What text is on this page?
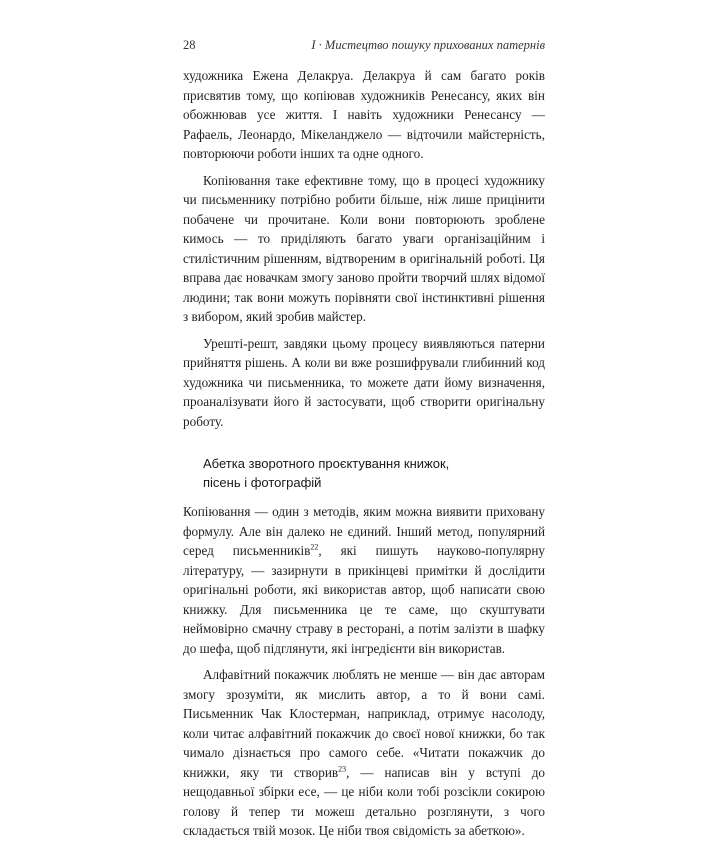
28	I · Мистецтво пошуку прихованих патернів

художника Ежена Делакруа. Делакруа й сам багато років присвятив тому, що копіював художників Ренесансу, яких він обожнював усе життя. І навіть художники Ренесансу — Рафаель, Леонардо, Мікеланджело — відточили майстерність, повторюючи роботи інших та одне одного.

Копіювання таке ефективне тому, що в процесі художнику чи письменнику потрібно робити більше, ніж лише прицінити побачене чи прочитане. Коли вони повторюють зроблене кимось — то приділяють багато уваги організаційним і стилістичним рішенням, відтвореним в оригінальній роботі. Ця вправа дає новачкам змогу заново пройти творчий шлях відомої людини; так вони можуть порівняти свої інстинктивні рішення з вибором, який зробив майстер.

Урешті-решт, завдяки цьому процесу виявляються патерни прийняття рішень. А коли ви вже розшифрували глибинний код художника чи письменника, то можете дати йому визначення, проаналізувати його й застосувати, щоб створити оригінальну роботу.

Абетка зворотного проєктування книжок,
пісень і фотографій

Копіювання — один з методів, яким можна виявити приховану формулу. Але він далеко не єдиний. Інший метод, популярний серед письменників$^{22}$, які пишуть науково-популярну літературу, — зазирнути в прикінцеві примітки й дослідити оригінальні роботи, які використав автор, щоб написати свою книжку. Для письменника це те саме, що скуштувати неймовірно смачну страву в ресторані, а потім залізти в шафку до шефа, щоб підглянути, які інгредієнти він використав.

Алфавітний покажчик люблять не менше — він дає авторам змогу зрозуміти, як мислить автор, а то й вони самі. Письменник Чак Клостерман, наприклад, отримує насолоду, коли читає алфавітний покажчик до своєї нової книжки, бо так чимало дізнається про самого себе. «Читати покажчик до книжки, яку ти створив$^{23}$, — написав він у вступі до нещодавньої збірки есе, — це ніби коли тобі розсікли сокирою голову й тепер ти можеш детально розглянути, з чого складається твій мозок. Це ніби твоя свідомість за абеткою».
